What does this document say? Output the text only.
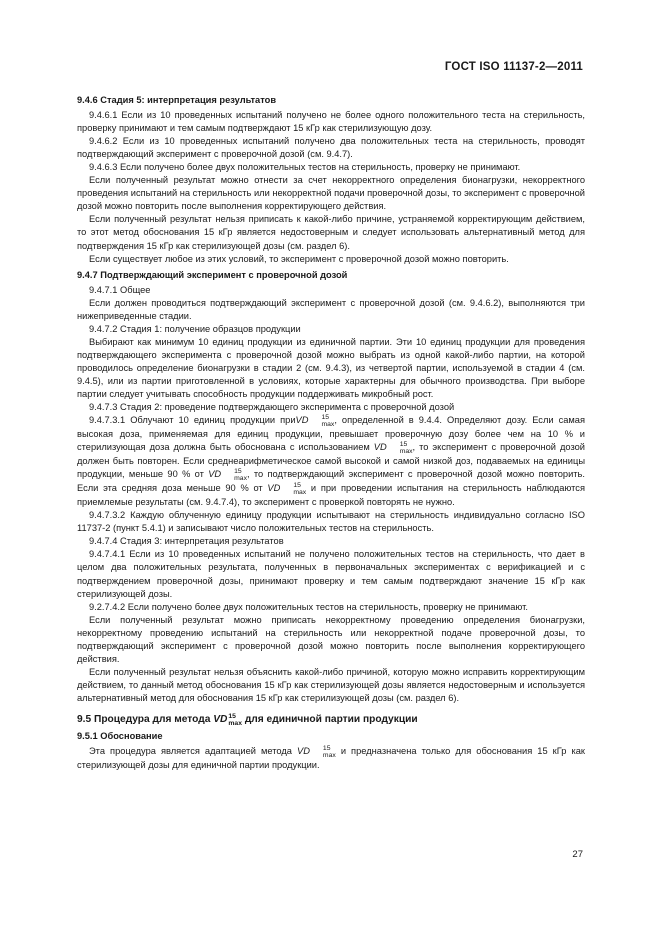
ГОСТ ISO 11137-2—2011

9.4.6 Стадия 5: интерпретация результатов

9.4.6.1 Если из 10 проведенных испытаний получено не более одного положительного теста на стерильность, проверку принимают и тем самым подтверждают 15 кГр как стерилизующую дозу.

9.4.6.2 Если из 10 проведенных испытаний получено два положительных теста на стерильность, проводят подтверждающий эксперимент с проверочной дозой (см. 9.4.7).

9.4.6.3 Если получено более двух положительных тестов на стерильность, проверку не принимают.

Если полученный результат можно отнести за счет некорректного определения бионагрузки, некорректного проведения испытаний на стерильность или некорректной подачи проверочной дозы, то эксперимент с проверочной дозой можно повторить после выполнения корректирующего действия.

Если полученный результат нельзя приписать к какой-либо причине, устраняемой корректирующим действием, то этот метод обоснования 15 кГр является недостоверным и следует использовать альтернативный метод для подтверждения 15 кГр как стерилизующей дозы (см. раздел 6).

Если существует любое из этих условий, то эксперимент с проверочной дозой можно повторить.

9.4.7 Подтверждающий эксперимент с проверочной дозой

9.4.7.1 Общее

Если должен проводиться подтверждающий эксперимент с проверочной дозой (см. 9.4.6.2), выполняются три нижеприведенные стадии.

9.4.7.2 Стадия 1: получение образцов продукции

Выбирают как минимум 10 единиц продукции из единичной партии. Эти 10 единиц продукции для проведения подтверждающего эксперимента с проверочной дозой можно выбрать из одной какой-либо партии, на которой проводилось определение бионагрузки в стадии 2 (см. 9.4.3), из четвертой партии, используемой в стадии 4 (см. 9.4.5), или из партии приготовленной в условиях, которые характерны для обычного производства. При выборе партии следует учитывать способность продукции поддерживать микробный рост.

9.4.7.3 Стадия 2: проведение подтверждающего эксперимента с проверочной дозой

9.4.7.3.1 Облучают 10 единиц продукции приVD	15
max , определенной в 9.4.4. Определяют дозу. Если самая высокая доза, применяемая для единиц продукции, превышает проверочную дозу более чем на 10 % и стерилизующая доза должна быть обоснована с использованием VD	15
max , то эксперимент с проверочной дозой должен быть повторен. Если среднеарифметическое самой высокой и самой низкой доз, подаваемых на единицы продукции, меньше 90 % от VD	15
max , то подтверждающий эксперимент с проверочной дозой можно повторить. Если эта средняя доза меньше 90 % от VD	15
max и при проведении испытания на стерильность наблюдаются приемлемые результаты (см. 9.4.7.4), то эксперимент с проверкой повторять не нужно.

9.4.7.3.2 Каждую облученную единицу продукции испытывают на стерильность индивидуально согласно ISO 11737-2 (пункт 5.4.1) и записывают число положительных тестов на стерильность.

9.4.7.4 Стадия 3: интерпретация результатов

9.4.7.4.1 Если из 10 проведенных испытаний не получено положительных тестов на стерильность, что дает в целом два положительных результата, полученных в первоначальных экспериментах с верификацией и с подтверждением проверочной дозы, принимают проверку и тем самым подтверждают значение 15 кГр как стерилизующей дозы.

9.2.7.4.2 Если получено более двух положительных тестов на стерильность, проверку не принимают.

Если полученный результат можно приписать некорректному проведению определения бионагрузки, некорректному проведению испытаний на стерильность или некорректной подаче проверочной дозы, то подтверждающий эксперимент с проверочной дозой можно повторить после выполнения корректирующего действия.

Если полученный результат нельзя объяснить какой-либо причиной, которую можно исправить корректирующим действием, то данный метод обоснования 15 кГр как стерилизующей дозы является недостоверным и используется альтернативный метод для обоснования 15 кГр как стерилизующей дозы (см. раздел 6).

9.5 Процедура для метода VD 15
max для единичной партии продукции

9.5.1 Обоснование

Эта процедура является адаптацией метода VD	15
max и предназначена только для обоснования 15 кГр как стерилизующей дозы для единичной партии продукции.

27
